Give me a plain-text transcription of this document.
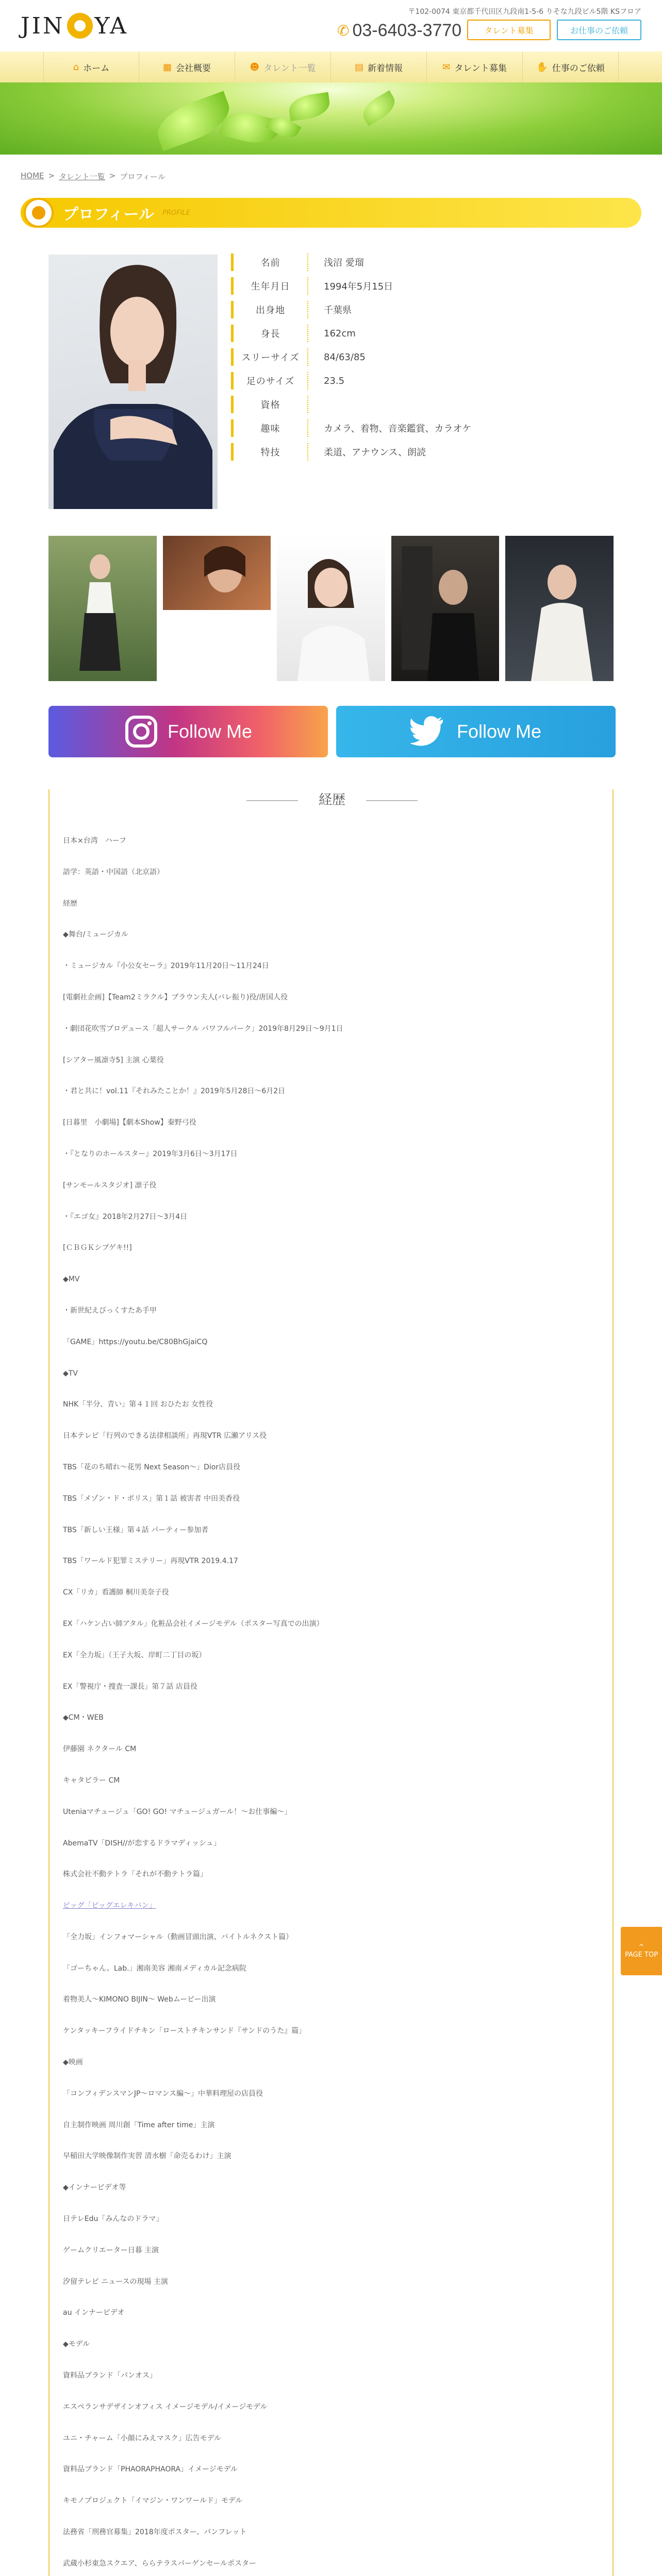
JIN YA
〒102-0074 東京都千代田区九段南1-5-6 りそな九段ビル5階 KSフロア
✆ 03-6403-3770	タレント募集	お仕事のご依頼
⌂ ホーム	▦ 会社概要	☻ タレント一覧	▤ 新着情報	✉ タレント募集	✋ 仕事のご依頼
HOME > タレント一覧 > プロフィール
プロフィール PROFILE
名前	浅沼 愛瑠
生年月日	1994年5月15日
出身地	千葉県
身長	162cm
スリーサイズ	84/63/85
足のサイズ	23.5
資格
趣味	カメラ、着物、音楽鑑賞、カラオケ
特技	柔道、アナウンス、朗読
Follow Me	Follow Me
経歴
日本×台湾　ハーフ
語学：英語・中国語（北京語）
経歴
◆舞台/ミュージカル
・ミュージカル『小公女セーラ』2019年11月20日〜11月24日
[電劇社企画]【Team2ミラクル】ブラウン夫人(バレ振り)役/唐国人役
・劇団花吹雪プロデュース「超人サークル パワフルパーク」2019年8月29日〜9月1日
[シアター風凛寺5] 主演 心葉役
・君と共に！vol.11『それみたことか！』2019年5月28日〜6月2日
[日暮里　小劇場]【劇本Show】秦野弓役
・『となりのホールスター』2019年3月6日〜3月17日
[サンモールスタジオ] 凛子役
・『エゴ女』2018年2月27日〜3月4日
[ＣＢＧＫシブゲキ!!]
◆MV
・新世紀えびっくすたあ手甲
「GAME」https://youtu.be/C80BhGjaiCQ
◆TV
NHK「半分、青い」第４１回 おひたお 女性役
日本テレビ「行列のできる法律相談所」再現VTR 広瀬アリス役
TBS「花のち晴れ〜花男 Next Season〜」Dior店員役
TBS「メゾン・ド・ポリス」第１話 被害者 中田美香役
TBS「新しい王様」第４話 パーティー参加者
TBS「ワールド犯罪ミステリー」再現VTR 2019.4.17
CX「リカ」看護師 桐川美奈子役
EX「ハケン占い師アタル」化粧品会社イメージモデル（ポスター写真での出演）
EX「全力坂」（王子大坂、岸町二丁目の坂）
EX「警視庁・捜査一課長」第７話 店員役
◆CM・WEB
伊藤園 ネクタール CM
キャタピラー CM
Uteniaマチュージュ「GO! GO! マチュージュガール！〜お仕事編〜」
AbemaTV「DISH//が恋するドラマディッシュ」
株式会社不動テトラ「それが不動テトラ篇」
ビッグ「ビッグエレキバン」
「全力坂」インフォマーシャル（動画冒頭出演、バイトルネクスト篇）
「ゴーちゃん。Lab.」湘南美容 湘南メディカル記念病院
着物美人〜KIMONO BIJIN〜 Webムービー出演
ケンタッキーフライドチキン「ローストチキンサンド『サンドのうた』篇」
◆映画
「コンフィデンスマンJP〜ロマンス編〜」中華料理屋の店員役
自主制作映画 周川創「Time after time」主演
早稲田大学映像制作実習 清水樹「命売るわけ」主演
◆インナービデオ等
日テレEdu「みんなのドラマ」
ゲームクリエーター日暮 主演
汐留テレビ ニュースの現場 主演
au インナービデオ
◆モデル
資料品ブランド「パンオス」
エスペランサデザインオフィス イメージモデル/イメージモデル
ユニ・チャーム「小顔にみえマスク」広告モデル
資料品ブランド「PHAORAPHAORA」イメージモデル
キモノプロジェクト「イマジン・ワンワールド」モデル
法務省「刑務官募集」2018年度ポスター、パンフレット
武蔵小杉東急スクエア、ららテラスパーゲンセールポスター
^
PAGE TOP
